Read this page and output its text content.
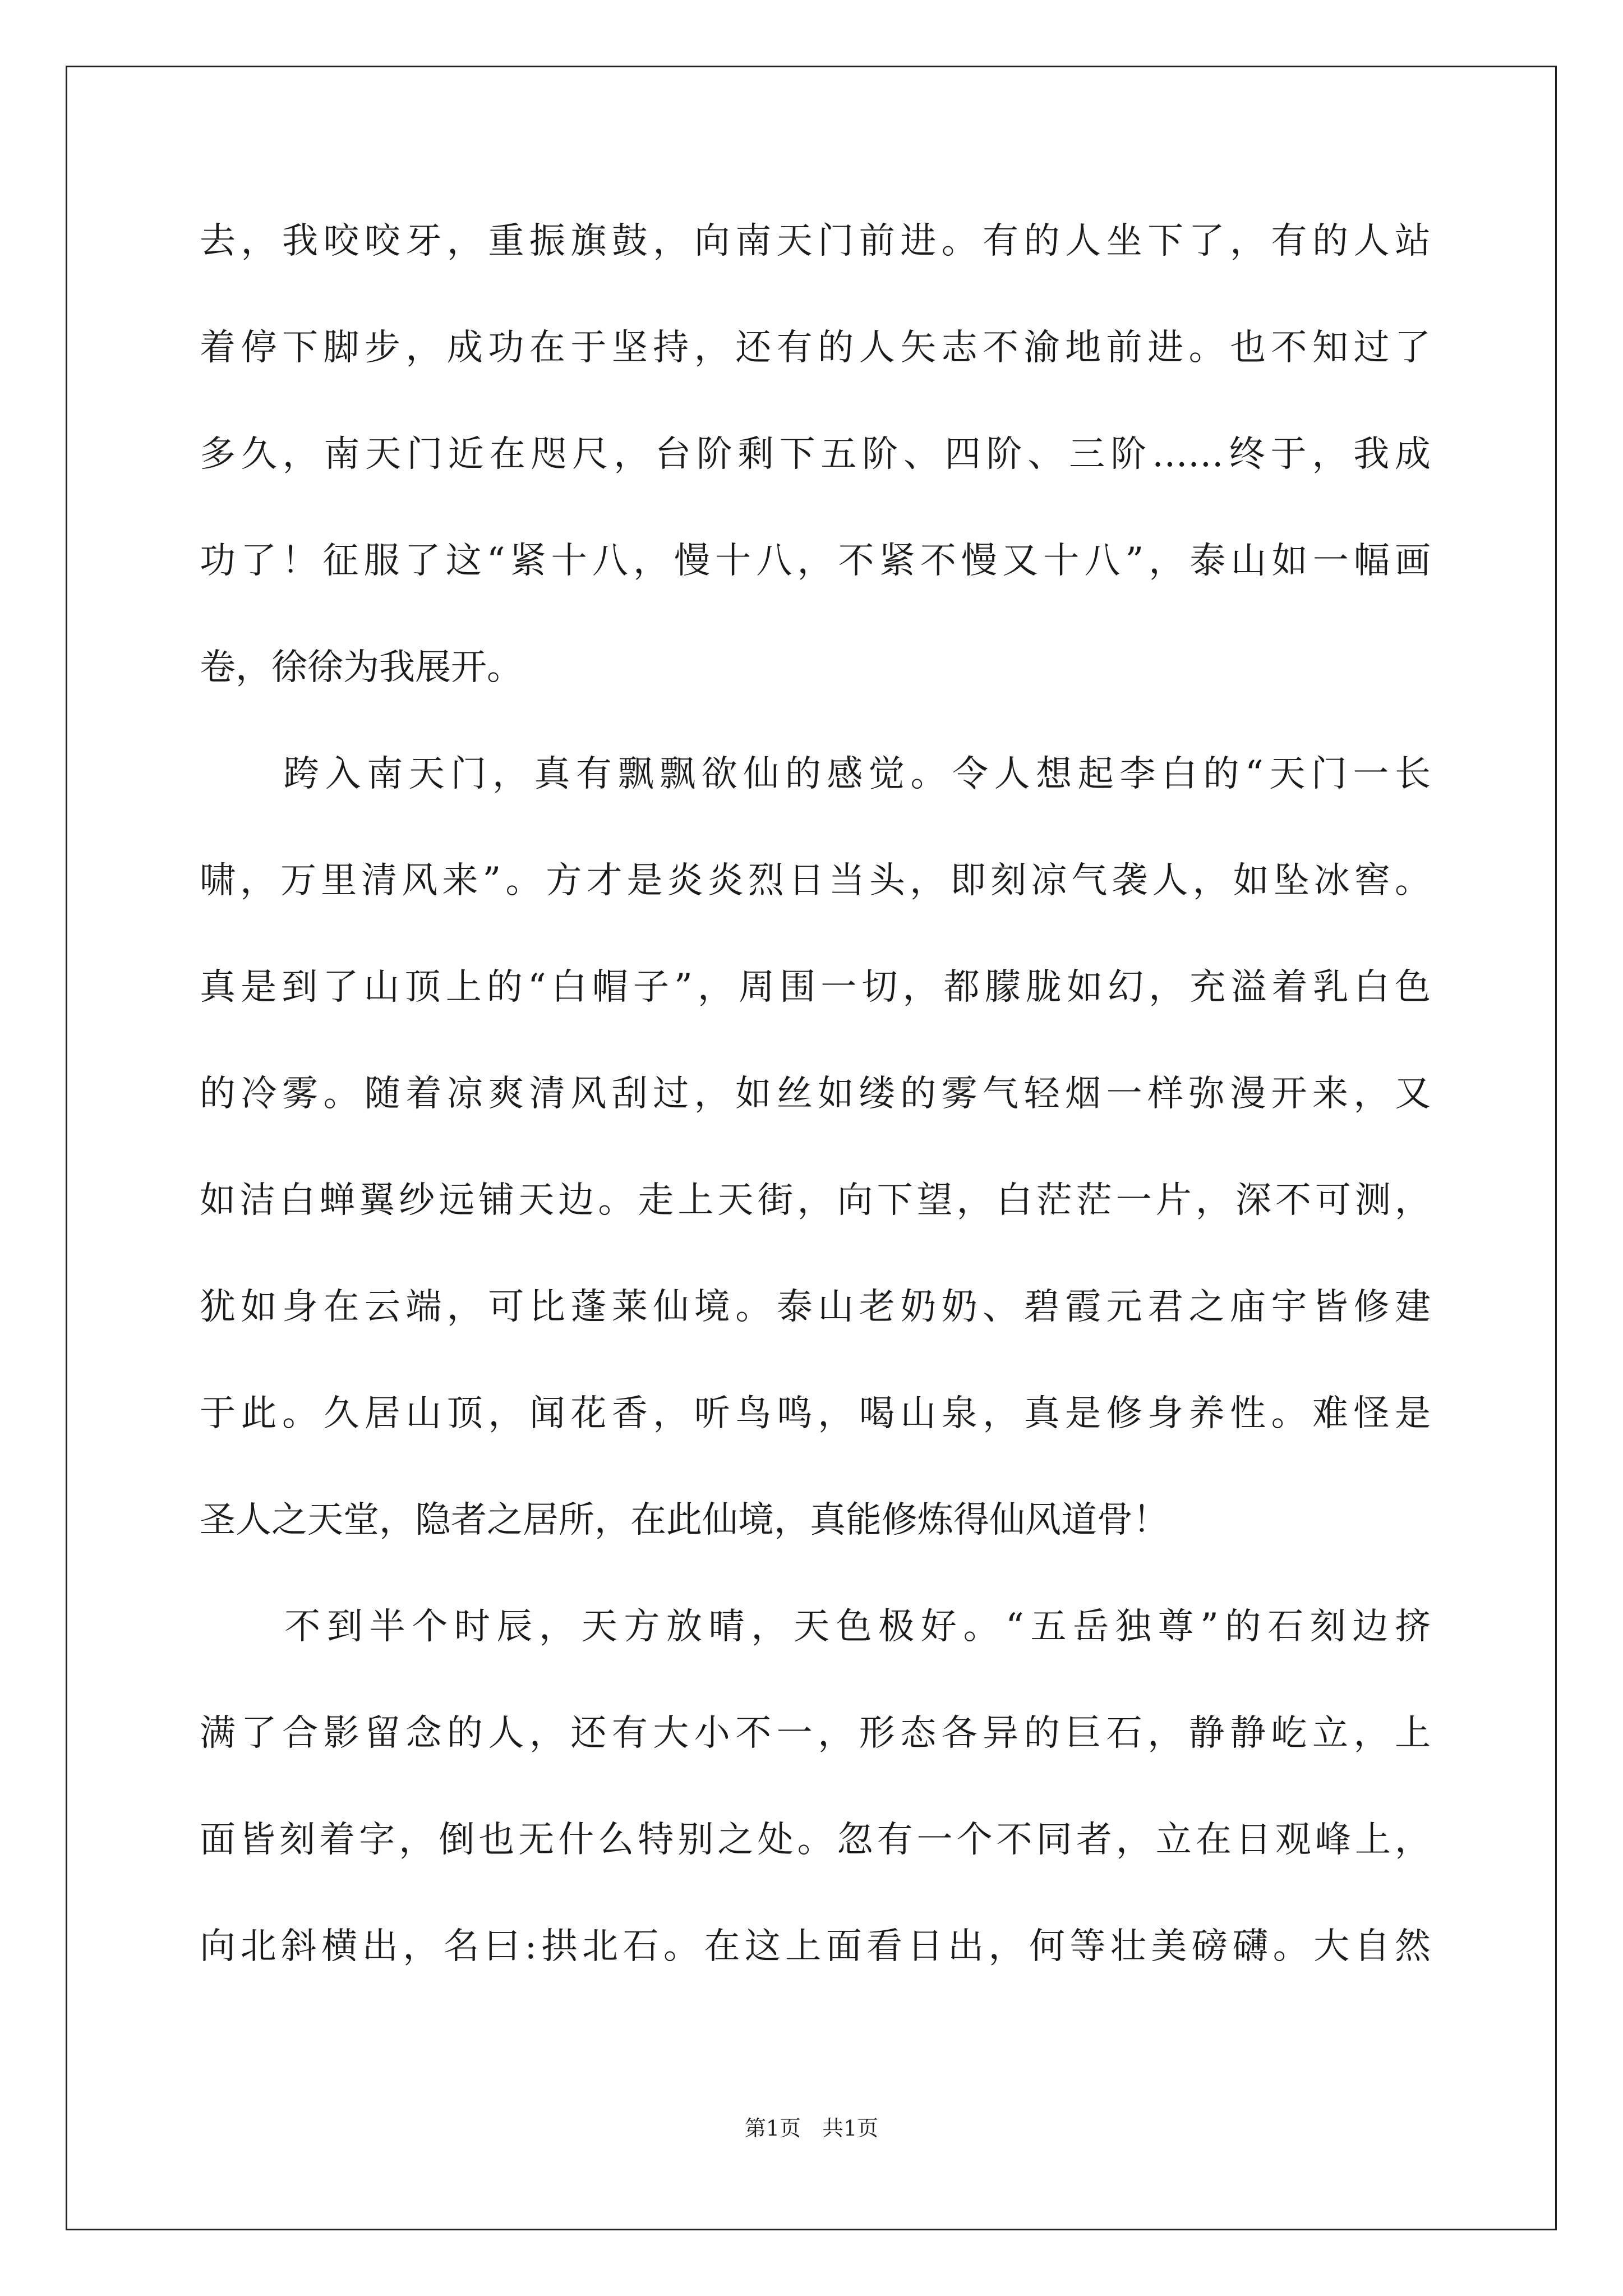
去，我咬咬牙，重振旗鼓，向南天门前进。有的人坐下了，有的人站
着停下脚步，成功在于坚持，还有的人矢志不渝地前进。也不知过了
多久，南天门近在咫尺，台阶剩下五阶、四阶、三阶……终于，我成
功了！征服了这“紧十八，慢十八，不紧不慢又十八”，泰山如一幅画
卷，徐徐为我展开。
　　跨入南天门，真有飘飘欲仙的感觉。令人想起李白的“天门一长
啸，万里清风来”。方才是炎炎烈日当头，即刻凉气袭人，如坠冰窖。
真是到了山顶上的“白帽子”，周围一切，都朦胧如幻，充溢着乳白色
的冷雾。随着凉爽清风刮过，如丝如缕的雾气轻烟一样弥漫开来，又
如洁白蝉翼纱远铺天边。走上天街，向下望，白茫茫一片，深不可测，
犹如身在云端，可比蓬莱仙境。泰山老奶奶、碧霞元君之庙宇皆修建
于此。久居山顶，闻花香，听鸟鸣，喝山泉，真是修身养性。难怪是
圣人之天堂，隐者之居所，在此仙境，真能修炼得仙风道骨！
　　不到半个时辰，天方放晴，天色极好。“五岳独尊”的石刻边挤
满了合影留念的人，还有大小不一，形态各异的巨石，静静屹立，上
面皆刻着字，倒也无什么特别之处。忽有一个不同者，立在日观峰上，
向北斜横出，名曰:拱北石。在这上面看日出，何等壮美磅礴。大自然
第1页　共1页
